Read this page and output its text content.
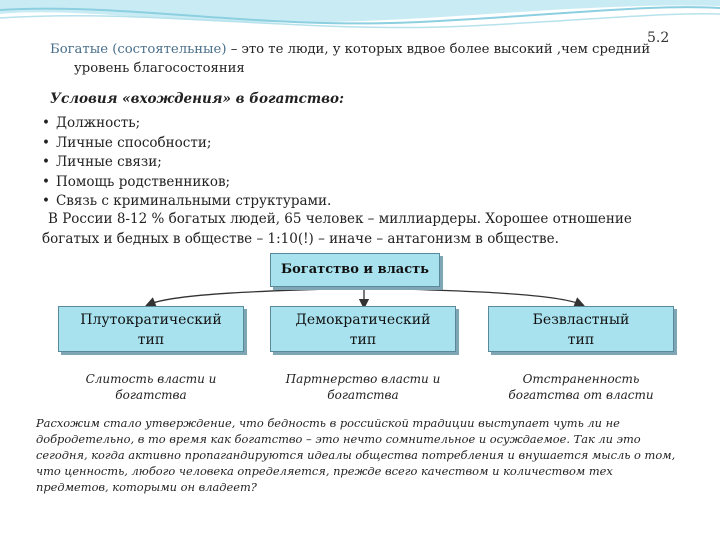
5.2
Богатые (состоятельные) – это те люди, у которых вдвое более высокий ,чем средний
уровень благосостояния
Условия «вхождения» в богатство:
• Должность;
• Личные способности;
• Личные связи;
• Помощь родственников;
• Связь с криминальными структурами.
В России 8-12 % богатых людей, 65 человек – миллиардеры. Хорошее отношение
богатых и бедных в обществе – 1:10(!) – иначе – антагонизм в обществе.
Богатство и власть
Плутократический
тип
Демократический
тип
Безвластный
тип
Слитость власти и
богатства
Партнерство власти и
богатства
Отстраненность
богатства от власти
Расхожим стало утверждение, что бедность в российской традиции выступает чуть ли не добродетельно, в то время как богатство – это нечто сомнительное и осуждаемое. Так ли это сегодня, когда активно пропагандируются идеалы общества потребления и внушается мысль о том, что ценность, любого человека определяется, прежде всего качеством и количеством тех предметов, которыми он владеет?
